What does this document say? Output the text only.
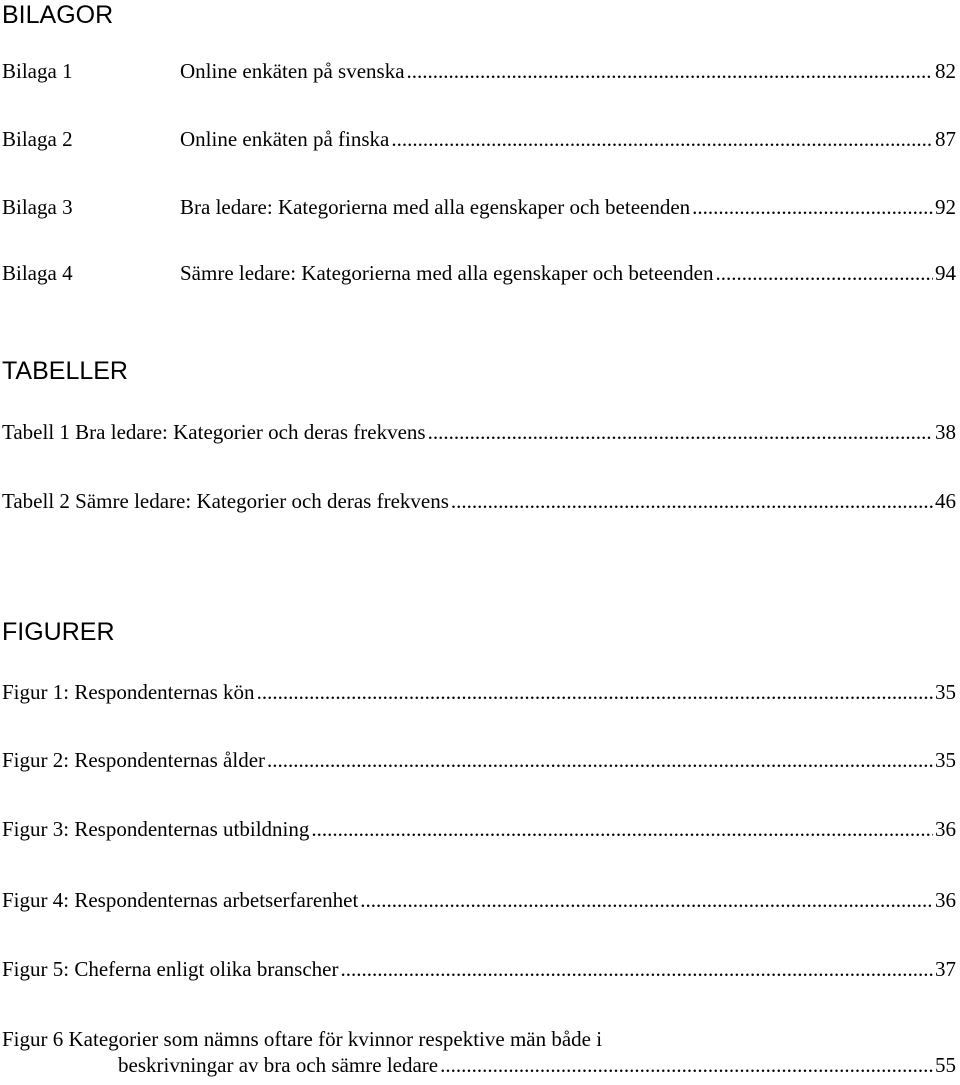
BILAGOR
Bilaga 1	Online enkäten på svenska .....	82
Bilaga 2	Online enkäten på finska .....	87
Bilaga 3	Bra ledare: Kategorierna med alla egenskaper och beteenden .....	92
Bilaga 4	Sämre ledare: Kategorierna med alla egenskaper och beteenden .....	94
TABELLER
Tabell 1 Bra ledare: Kategorier och deras frekvens .....	38
Tabell 2 Sämre ledare: Kategorier och deras frekvens .....	46
FIGURER
Figur 1: Respondenternas kön .....	35
Figur 2: Respondenternas ålder .....	35
Figur 3: Respondenternas utbildning .....	36
Figur 4: Respondenternas arbetserfarenhet .....	36
Figur 5: Cheferna enligt olika branscher .....	37
Figur 6 Kategorier som nämns oftare för kvinnor respektive män både i
beskrivningar av bra och sämre ledare .....	55
